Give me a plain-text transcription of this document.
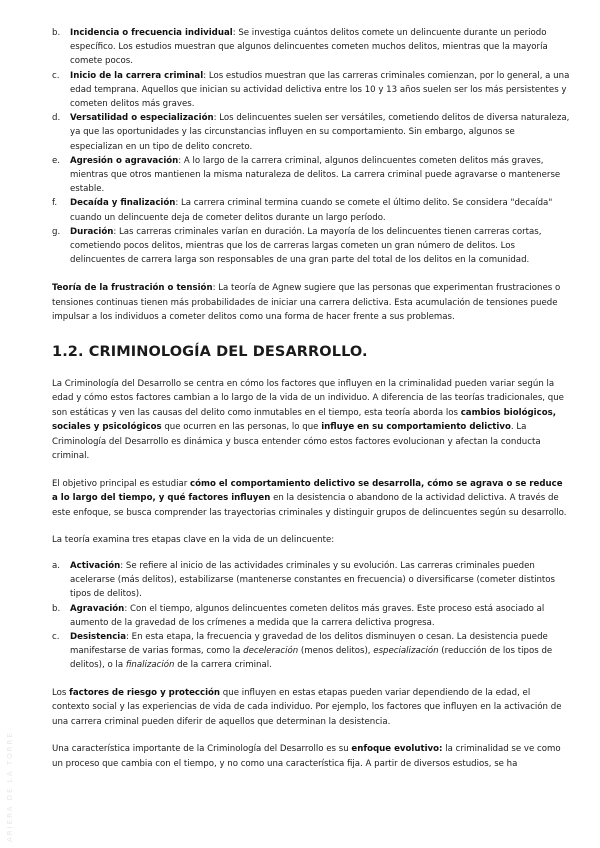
ARIERA DE LA TORRE
b.	Incidencia o frecuencia individual: Se investiga cuántos delitos comete un delincuente durante un periodo específico. Los estudios muestran que algunos delincuentes cometen muchos delitos, mientras que la mayoría comete pocos.
c.	Inicio de la carrera criminal: Los estudios muestran que las carreras criminales comienzan, por lo general, a una edad temprana. Aquellos que inician su actividad delictiva entre los 10 y 13 años suelen ser los más persistentes y cometen delitos más graves.
d.	Versatilidad o especialización: Los delincuentes suelen ser versátiles, cometiendo delitos de diversa naturaleza, ya que las oportunidades y las circunstancias influyen en su comportamiento. Sin embargo, algunos se especializan en un tipo de delito concreto.
e.	Agresión o agravación: A lo largo de la carrera criminal, algunos delincuentes cometen delitos más graves, mientras que otros mantienen la misma naturaleza de delitos. La carrera criminal puede agravarse o mantenerse estable.
f.	Decaída y finalización: La carrera criminal termina cuando se comete el último delito. Se considera "decaída" cuando un delincuente deja de cometer delitos durante un largo período.
g.	Duración: Las carreras criminales varían en duración. La mayoría de los delincuentes tienen carreras cortas, cometiendo pocos delitos, mientras que los de carreras largas cometen un gran número de delitos. Los delincuentes de carrera larga son responsables de una gran parte del total de los delitos en la comunidad.

Teoría de la frustración o tensión: La teoría de Agnew sugiere que las personas que experimentan frustraciones o tensiones continuas tienen más probabilidades de iniciar una carrera delictiva. Esta acumulación de tensiones puede impulsar a los individuos a cometer delitos como una forma de hacer frente a sus problemas.

1.2. CRIMINOLOGÍA DEL DESARROLLO.

La Criminología del Desarrollo se centra en cómo los factores que influyen en la criminalidad pueden variar según la edad y cómo estos factores cambian a lo largo de la vida de un individuo. A diferencia de las teorías tradicionales, que son estáticas y ven las causas del delito como inmutables en el tiempo, esta teoría aborda los cambios biológicos, sociales y psicológicos que ocurren en las personas, lo que influye en su comportamiento delictivo. La Criminología del Desarrollo es dinámica y busca entender cómo estos factores evolucionan y afectan la conducta criminal.

El objetivo principal es estudiar cómo el comportamiento delictivo se desarrolla, cómo se agrava o se reduce a lo largo del tiempo, y qué factores influyen en la desistencia o abandono de la actividad delictiva. A través de este enfoque, se busca comprender las trayectorias criminales y distinguir grupos de delincuentes según su desarrollo.

La teoría examina tres etapas clave en la vida de un delincuente:

a.	Activación: Se refiere al inicio de las actividades criminales y su evolución. Las carreras criminales pueden acelerarse (más delitos), estabilizarse (mantenerse constantes en frecuencia) o diversificarse (cometer distintos tipos de delitos).
b.	Agravación: Con el tiempo, algunos delincuentes cometen delitos más graves. Este proceso está asociado al aumento de la gravedad de los crímenes a medida que la carrera delictiva progresa.
c.	Desistencia: En esta etapa, la frecuencia y gravedad de los delitos disminuyen o cesan. La desistencia puede manifestarse de varias formas, como la deceleración (menos delitos), especialización (reducción de los tipos de delitos), o la finalización de la carrera criminal.

Los factores de riesgo y protección que influyen en estas etapas pueden variar dependiendo de la edad, el contexto social y las experiencias de vida de cada individuo. Por ejemplo, los factores que influyen en la activación de una carrera criminal pueden diferir de aquellos que determinan la desistencia.

Una característica importante de la Criminología del Desarrollo es su enfoque evolutivo: la criminalidad se ve como un proceso que cambia con el tiempo, y no como una característica fija. A partir de diversos estudios, se ha
